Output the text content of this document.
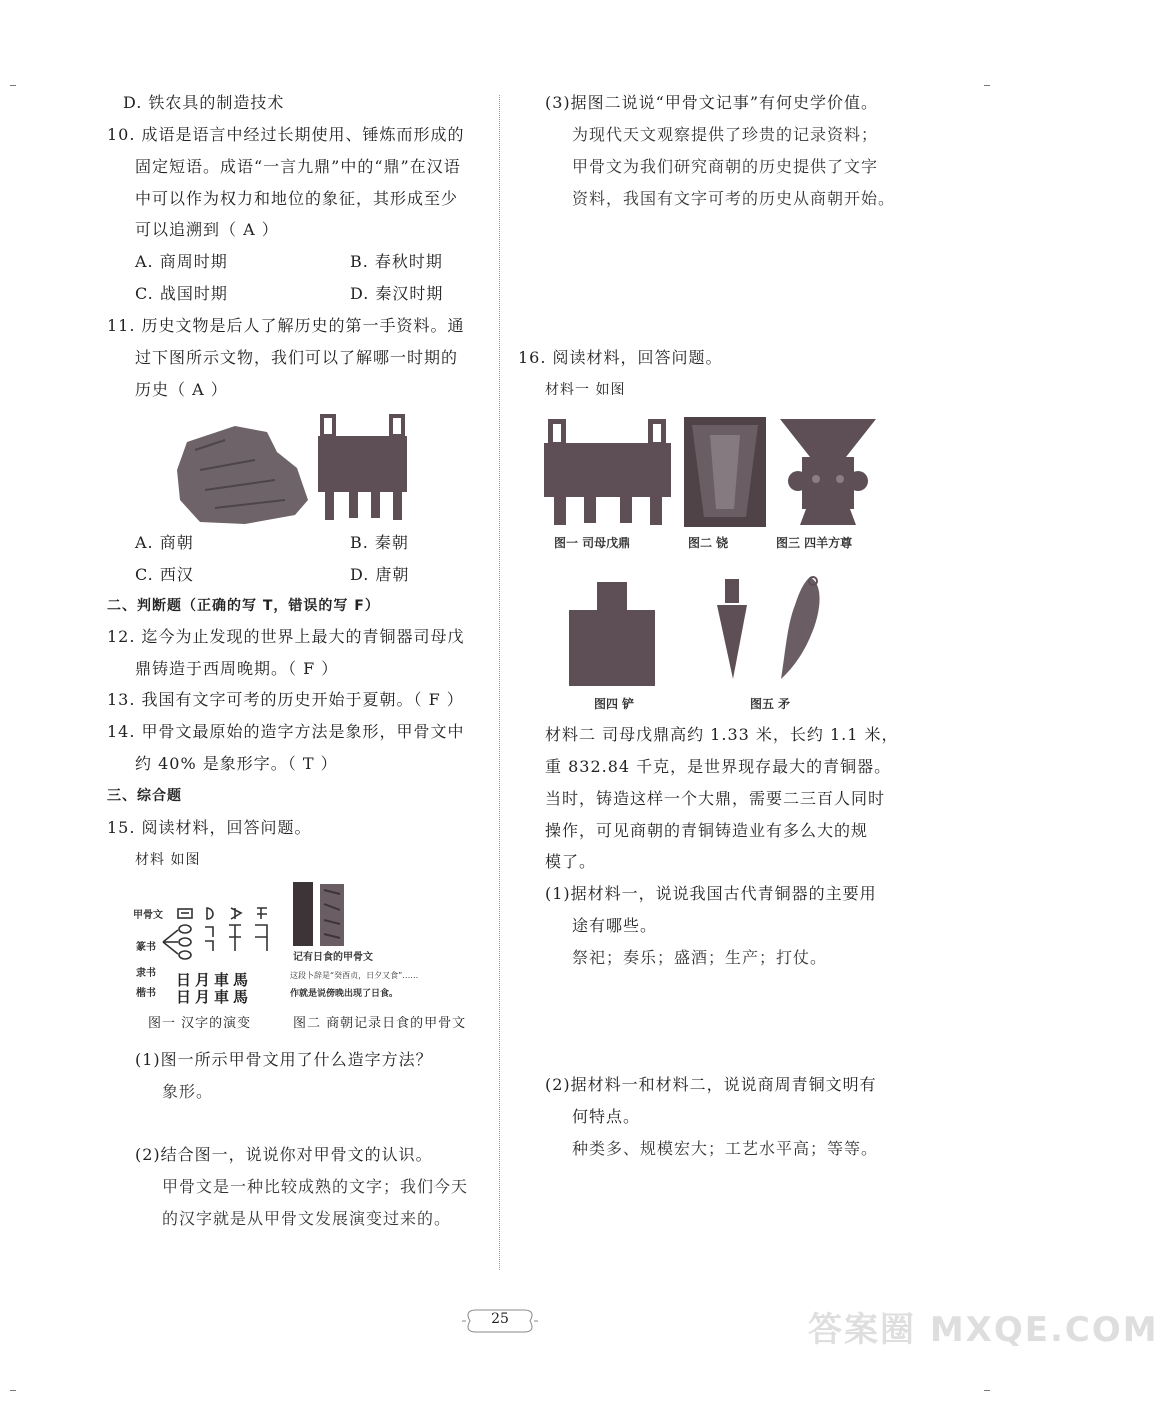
D. 铁农具的制造技术
10. 成语是语言中经过长期使用、锤炼而形成的
固定短语。成语“一言九鼎”中的“鼎”在汉语
中可以作为权力和地位的象征，其形成至少
可以追溯到（ A ）
A. 商周时期	B. 春秋时期
C. 战国时期	D. 秦汉时期
11. 历史文物是后人了解历史的第一手资料。通
过下图所示文物，我们可以了解哪一时期的
历史（ A ）
A. 商朝	B. 秦朝
C. 西汉	D. 唐朝
二、判断题（正确的写 T，错误的写 F）
12. 迄今为止发现的世界上最大的青铜器司母戊
鼎铸造于西周晚期。（ F ）
13. 我国有文字可考的历史开始于夏朝。（ F ）
14. 甲骨文最原始的造字方法是象形，甲骨文中
约 40% 是象形字。（ T ）
三、综合题
15. 阅读材料，回答问题。
材料 如图
甲骨文
篆书
隶书
楷书
日月車馬
日月車馬
记有日食的甲骨文
这段卜辞是“癸酉贞，日夕又食”……
作就是说傍晚出现了日食。
图一 汉字的演变	图二 商朝记录日食的甲骨文
(1)图一所示甲骨文用了什么造字方法？
象形。
(2)结合图一，说说你对甲骨文的认识。
甲骨文是一种比较成熟的文字；我们今天
的汉字就是从甲骨文发展演变过来的。
(3)据图二说说“甲骨文记事”有何史学价值。
为现代天文观察提供了珍贵的记录资料；
甲骨文为我们研究商朝的历史提供了文字
资料，我国有文字可考的历史从商朝开始。
16. 阅读材料，回答问题。
材料一 如图
图一 司母戊鼎	图二 铙	图三 四羊方尊
图四 铲	图五 矛
材料二 司母戊鼎高约 1.33 米，长约 1.1 米，
重 832.84 千克，是世界现存最大的青铜器。
当时，铸造这样一个大鼎，需要二三百人同时
操作，可见商朝的青铜铸造业有多么大的规
模了。
(1)据材料一，说说我国古代青铜器的主要用
途有哪些。
祭祀；奏乐；盛酒；生产；打仗。
(2)据材料一和材料二，说说商周青铜文明有
何特点。
种类多、规模宏大；工艺水平高；等等。
25	答案圈 MXQE.COM
